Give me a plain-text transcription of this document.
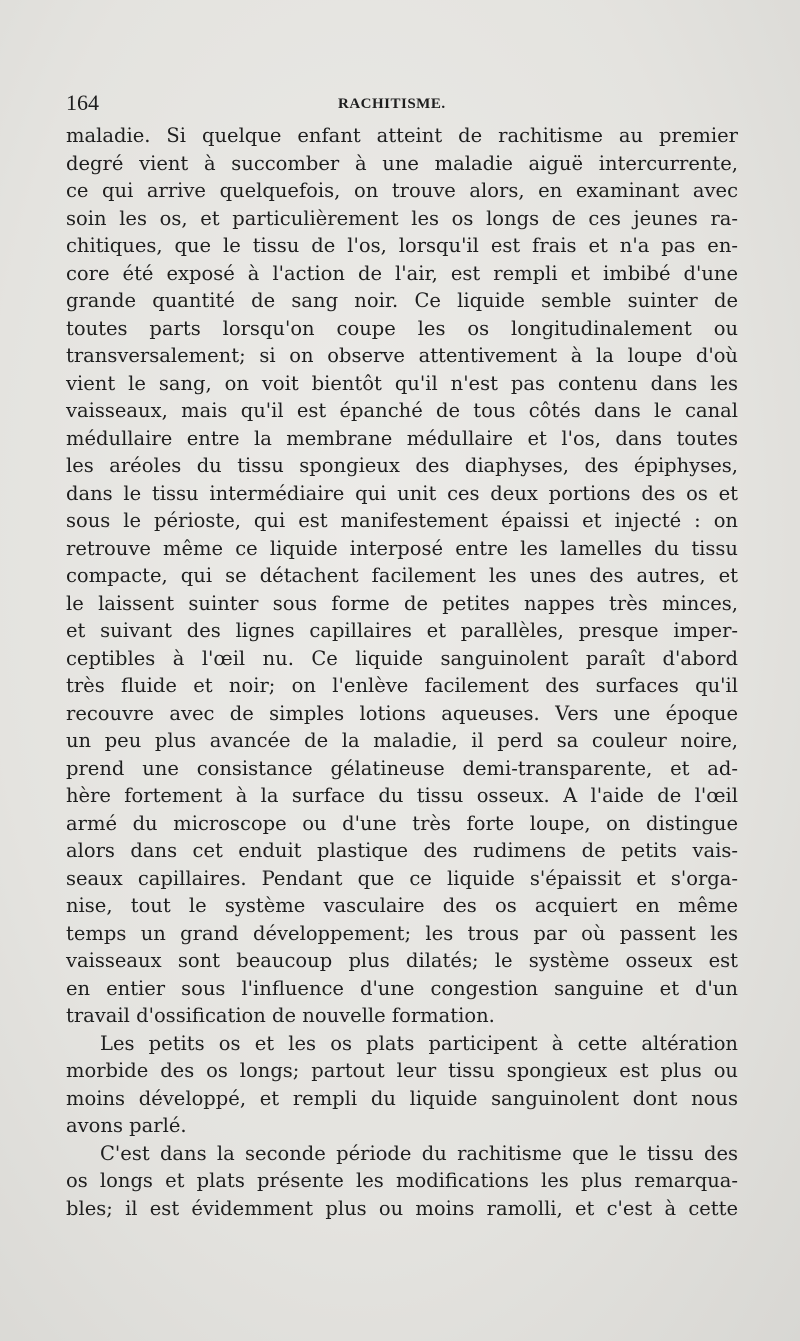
164	RACHITISME.
maladie. Si quelque enfant atteint de rachitisme au premier
degré vient à succomber à une maladie aiguë intercurrente,
ce qui arrive quelquefois, on trouve alors, en examinant avec
soin les os, et particulièrement les os longs de ces jeunes ra-
chitiques, que le tissu de l'os, lorsqu'il est frais et n'a pas en-
core été exposé à l'action de l'air, est rempli et imbibé d'une
grande quantité de sang noir. Ce liquide semble suinter de
toutes parts lorsqu'on coupe les os longitudinalement ou
transversalement; si on observe attentivement à la loupe d'où
vient le sang, on voit bientôt qu'il n'est pas contenu dans les
vaisseaux, mais qu'il est épanché de tous côtés dans le canal
médullaire entre la membrane médullaire et l'os, dans toutes
les aréoles du tissu spongieux des diaphyses, des épiphyses,
dans le tissu intermédiaire qui unit ces deux portions des os et
sous le périoste, qui est manifestement épaissi et injecté : on
retrouve même ce liquide interposé entre les lamelles du tissu
compacte, qui se détachent facilement les unes des autres, et
le laissent suinter sous forme de petites nappes très minces,
et suivant des lignes capillaires et parallèles, presque imper-
ceptibles à l'œil nu. Ce liquide sanguinolent paraît d'abord
très fluide et noir; on l'enlève facilement des surfaces qu'il
recouvre avec de simples lotions aqueuses. Vers une époque
un peu plus avancée de la maladie, il perd sa couleur noire,
prend une consistance gélatineuse demi-transparente, et ad-
hère fortement à la surface du tissu osseux. A l'aide de l'œil
armé du microscope ou d'une très forte loupe, on distingue
alors dans cet enduit plastique des rudimens de petits vais-
seaux capillaires. Pendant que ce liquide s'épaissit et s'orga-
nise, tout le système vasculaire des os acquiert en même
temps un grand développement; les trous par où passent les
vaisseaux sont beaucoup plus dilatés; le système osseux est
en entier sous l'influence d'une congestion sanguine et d'un
travail d'ossification de nouvelle formation.
Les petits os et les os plats participent à cette altération
morbide des os longs; partout leur tissu spongieux est plus ou
moins développé, et rempli du liquide sanguinolent dont nous
avons parlé.
C'est dans la seconde période du rachitisme que le tissu des
os longs et plats présente les modifications les plus remarqua-
bles; il est évidemment plus ou moins ramolli, et c'est à cette
